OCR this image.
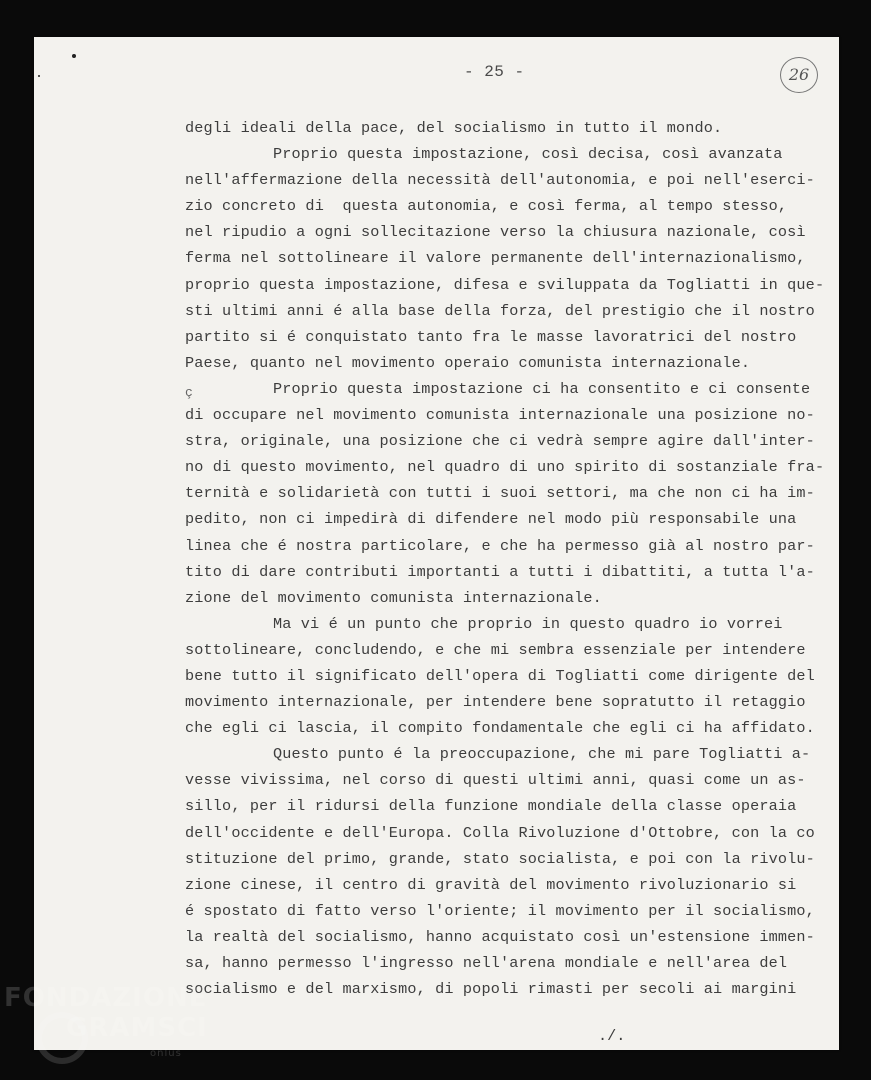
- 25 -	26
ç
degli ideali della pace, del socialismo in tutto il mondo.
Proprio questa impostazione, così decisa, così avanzata
nell'affermazione della necessità dell'autonomia, e poi nell'eserci-
zio concreto di  questa autonomia, e così ferma, al tempo stesso,
nel ripudio a ogni sollecitazione verso la chiusura nazionale, così
ferma nel sottolineare il valore permanente dell'internazionalismo,
proprio questa impostazione, difesa e sviluppata da Togliatti in que-
sti ultimi anni é alla base della forza, del prestigio che il nostro
partito si é conquistato tanto fra le masse lavoratrici del nostro
Paese, quanto nel movimento operaio comunista internazionale.
Proprio questa impostazione ci ha consentito e ci consente
di occupare nel movimento comunista internazionale una posizione no-
stra, originale, una posizione che ci vedrà sempre agire dall'inter-
no di questo movimento, nel quadro di uno spirito di sostanziale fra-
ternità e solidarietà con tutti i suoi settori, ma che non ci ha im-
pedito, non ci impedirà di difendere nel modo più responsabile una
linea che é nostra particolare, e che ha permesso già al nostro par-
tito di dare contributi importanti a tutti i dibattiti, a tutta l'a-
zione del movimento comunista internazionale.
Ma vi é un punto che proprio in questo quadro io vorrei
sottolineare, concludendo, e che mi sembra essenziale per intendere
bene tutto il significato dell'opera di Togliatti come dirigente del
movimento internazionale, per intendere bene sopratutto il retaggio
che egli ci lascia, il compito fondamentale che egli ci ha affidato.
Questo punto é la preoccupazione, che mi pare Togliatti a-
vesse vivissima, nel corso di questi ultimi anni, quasi come un as-
sillo, per il ridursi della funzione mondiale della classe operaia
dell'occidente e dell'Europa. Colla Rivoluzione d'Ottobre, con la co
stituzione del primo, grande, stato socialista, e poi con la rivolu-
zione cinese, il centro di gravità del movimento rivoluzionario si
é spostato di fatto verso l'oriente; il movimento per il socialismo,
la realtà del socialismo, hanno acquistato così un'estensione immen-
sa, hanno permesso l'ingresso nell'arena mondiale e nell'area del
socialismo e del marxismo, di popoli rimasti per secoli ai margini
./.
FONDAZIONE
GRAMSCI
onlus
